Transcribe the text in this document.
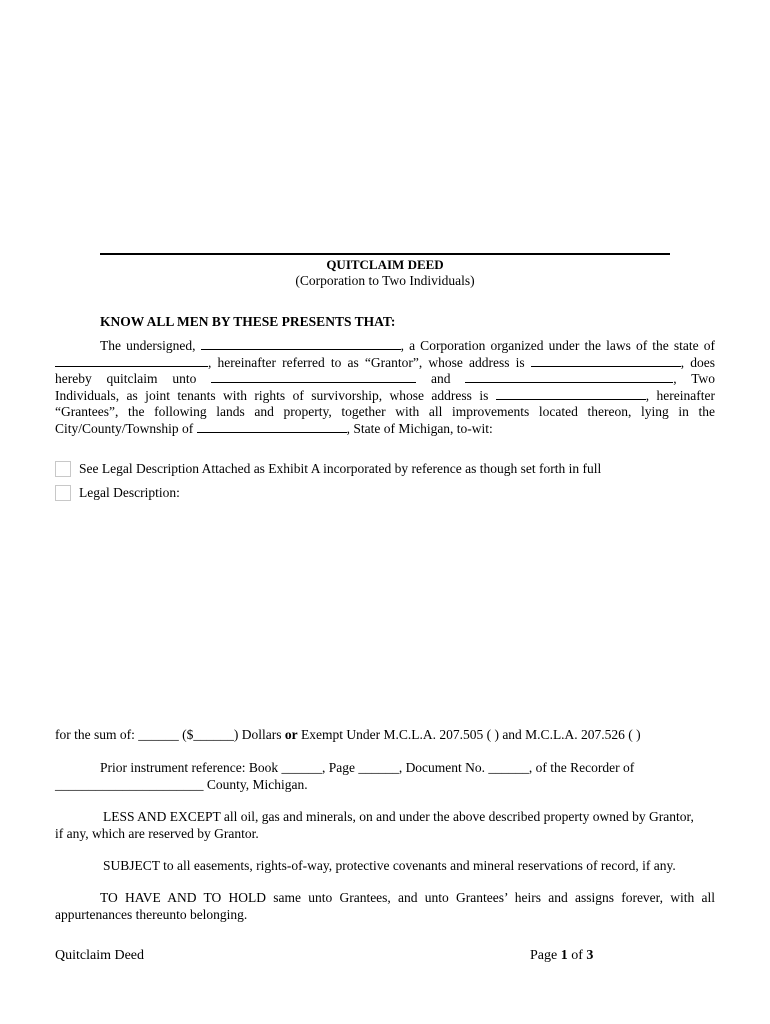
QUITCLAIM DEED
(Corporation to Two Individuals)
KNOW ALL MEN BY THESE PRESENTS THAT:
The undersigned,	, a Corporation organized under the laws of the state of
, hereinafter referred to as “Grantor”, whose address is	, does
hereby quitclaim unto	and	, Two
Individuals, as joint tenants with rights of survivorship, whose address is	, hereinafter
“Grantees”, the following lands and property, together with all improvements located thereon, lying in the
City/County/Township of	, State of Michigan, to-wit:
See Legal Description Attached as Exhibit A incorporated by reference as though set forth in full
Legal Description:
for the sum of: ______ ($______) Dollars or Exempt Under M.C.L.A. 207.505 ( ) and M.C.L.A. 207.526 ( )
Prior instrument reference: Book ______, Page ______, Document No. ______, of the Recorder of
______________________ County, Michigan.
LESS AND EXCEPT all oil, gas and minerals, on and under the above described property owned by Grantor,
if any, which are reserved by Grantor.
SUBJECT to all easements, rights-of-way, protective covenants and mineral reservations of record, if any.
TO HAVE AND TO HOLD same unto Grantees, and unto Grantees’ heirs and assigns forever, with all
appurtenances thereunto belonging.
Quitclaim Deed	Page 1 of 3
